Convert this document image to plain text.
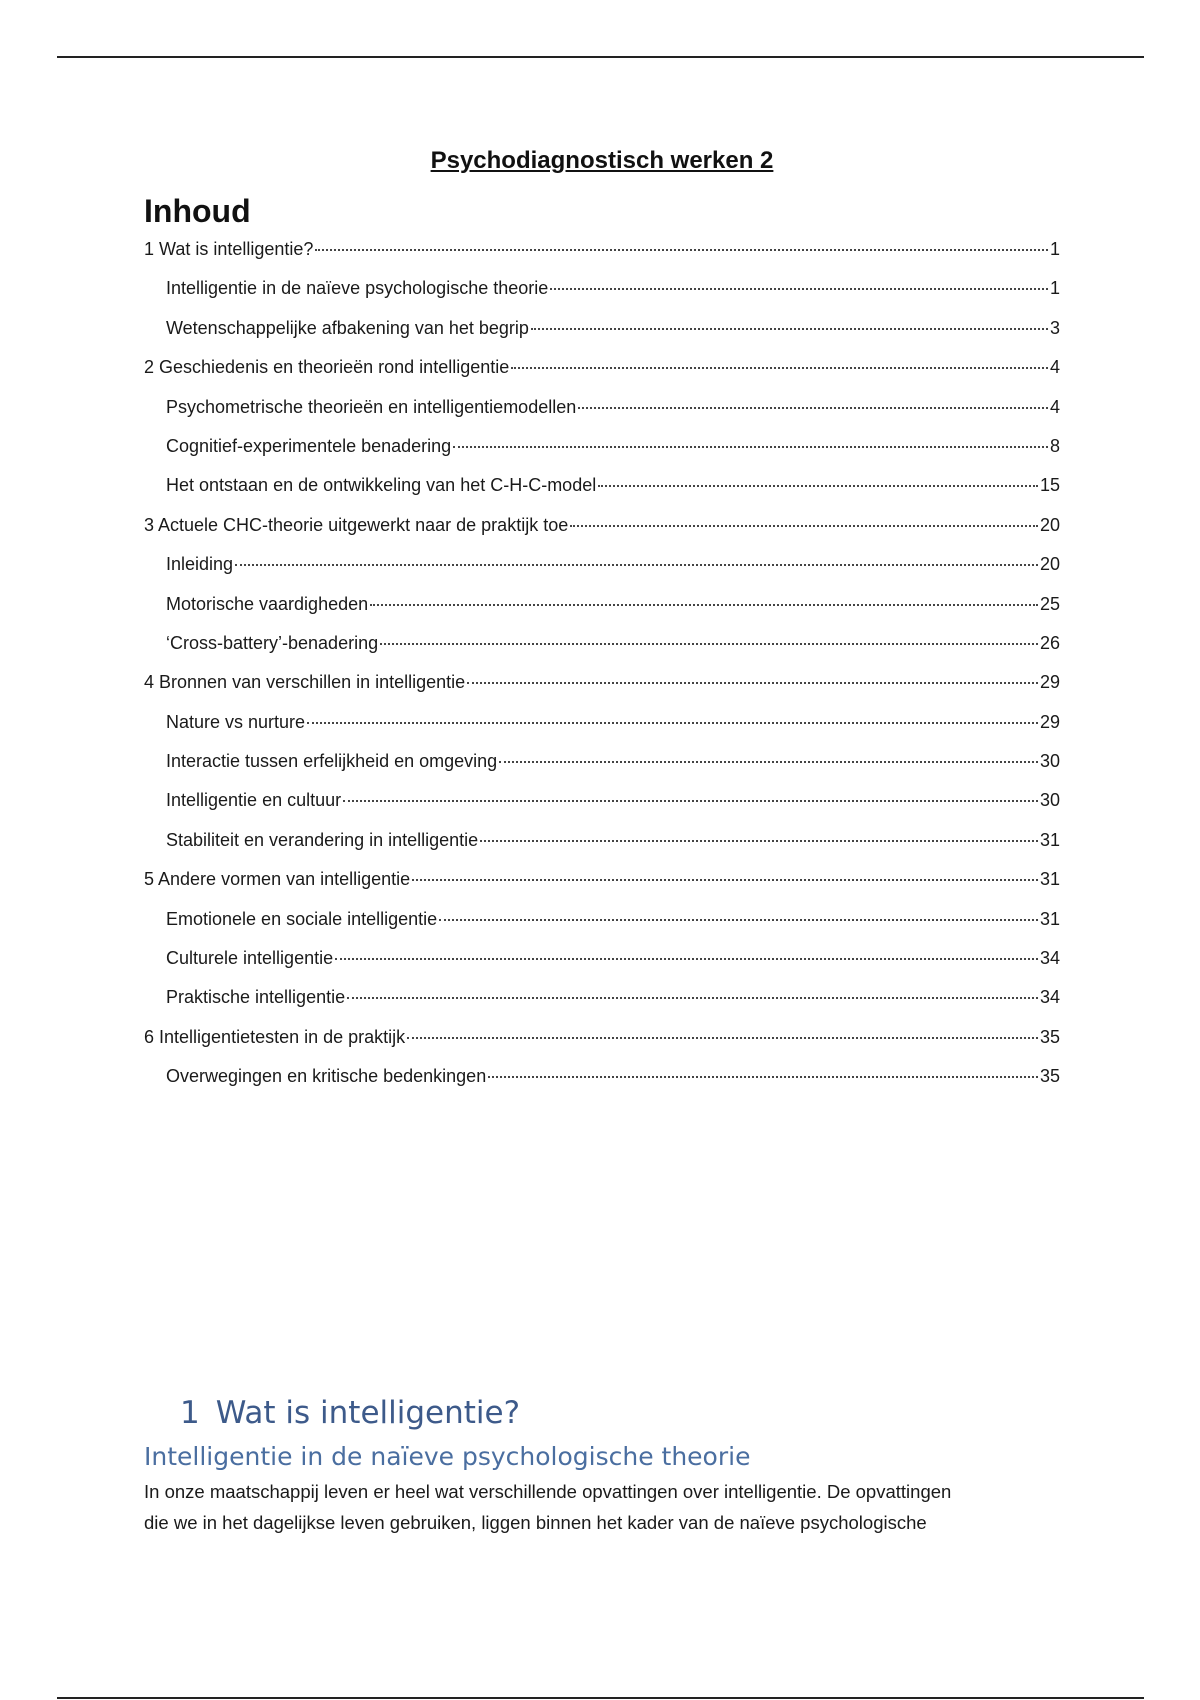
Psychodiagnostisch werken 2
Inhoud
1 Wat is intelligentie?	1
Intelligentie in de naïeve psychologische theorie	1
Wetenschappelijke afbakening van het begrip	3
2 Geschiedenis en theorieën rond intelligentie	4
Psychometrische theorieën en intelligentiemodellen	4
Cognitief-experimentele benadering	8
Het ontstaan en de ontwikkeling van het C-H-C-model	15
3 Actuele CHC-theorie uitgewerkt naar de praktijk toe	20
Inleiding	20
Motorische vaardigheden	25
‘Cross-battery’-benadering	26
4 Bronnen van verschillen in intelligentie	29
Nature vs nurture	29
Interactie tussen erfelijkheid en omgeving	30
Intelligentie en cultuur	30
Stabiliteit en verandering in intelligentie	31
5 Andere vormen van intelligentie	31
Emotionele en sociale intelligentie	31
Culturele intelligentie	34
Praktische intelligentie	34
6 Intelligentietesten in de praktijk	35
Overwegingen en kritische bedenkingen	35
1 Wat is intelligentie?
Intelligentie in de naïeve psychologische theorie

In onze maatschappij leven er heel wat verschillende opvattingen over intelligentie. De opvattingen

die we in het dagelijkse leven gebruiken, liggen binnen het kader van de naïeve psychologische
